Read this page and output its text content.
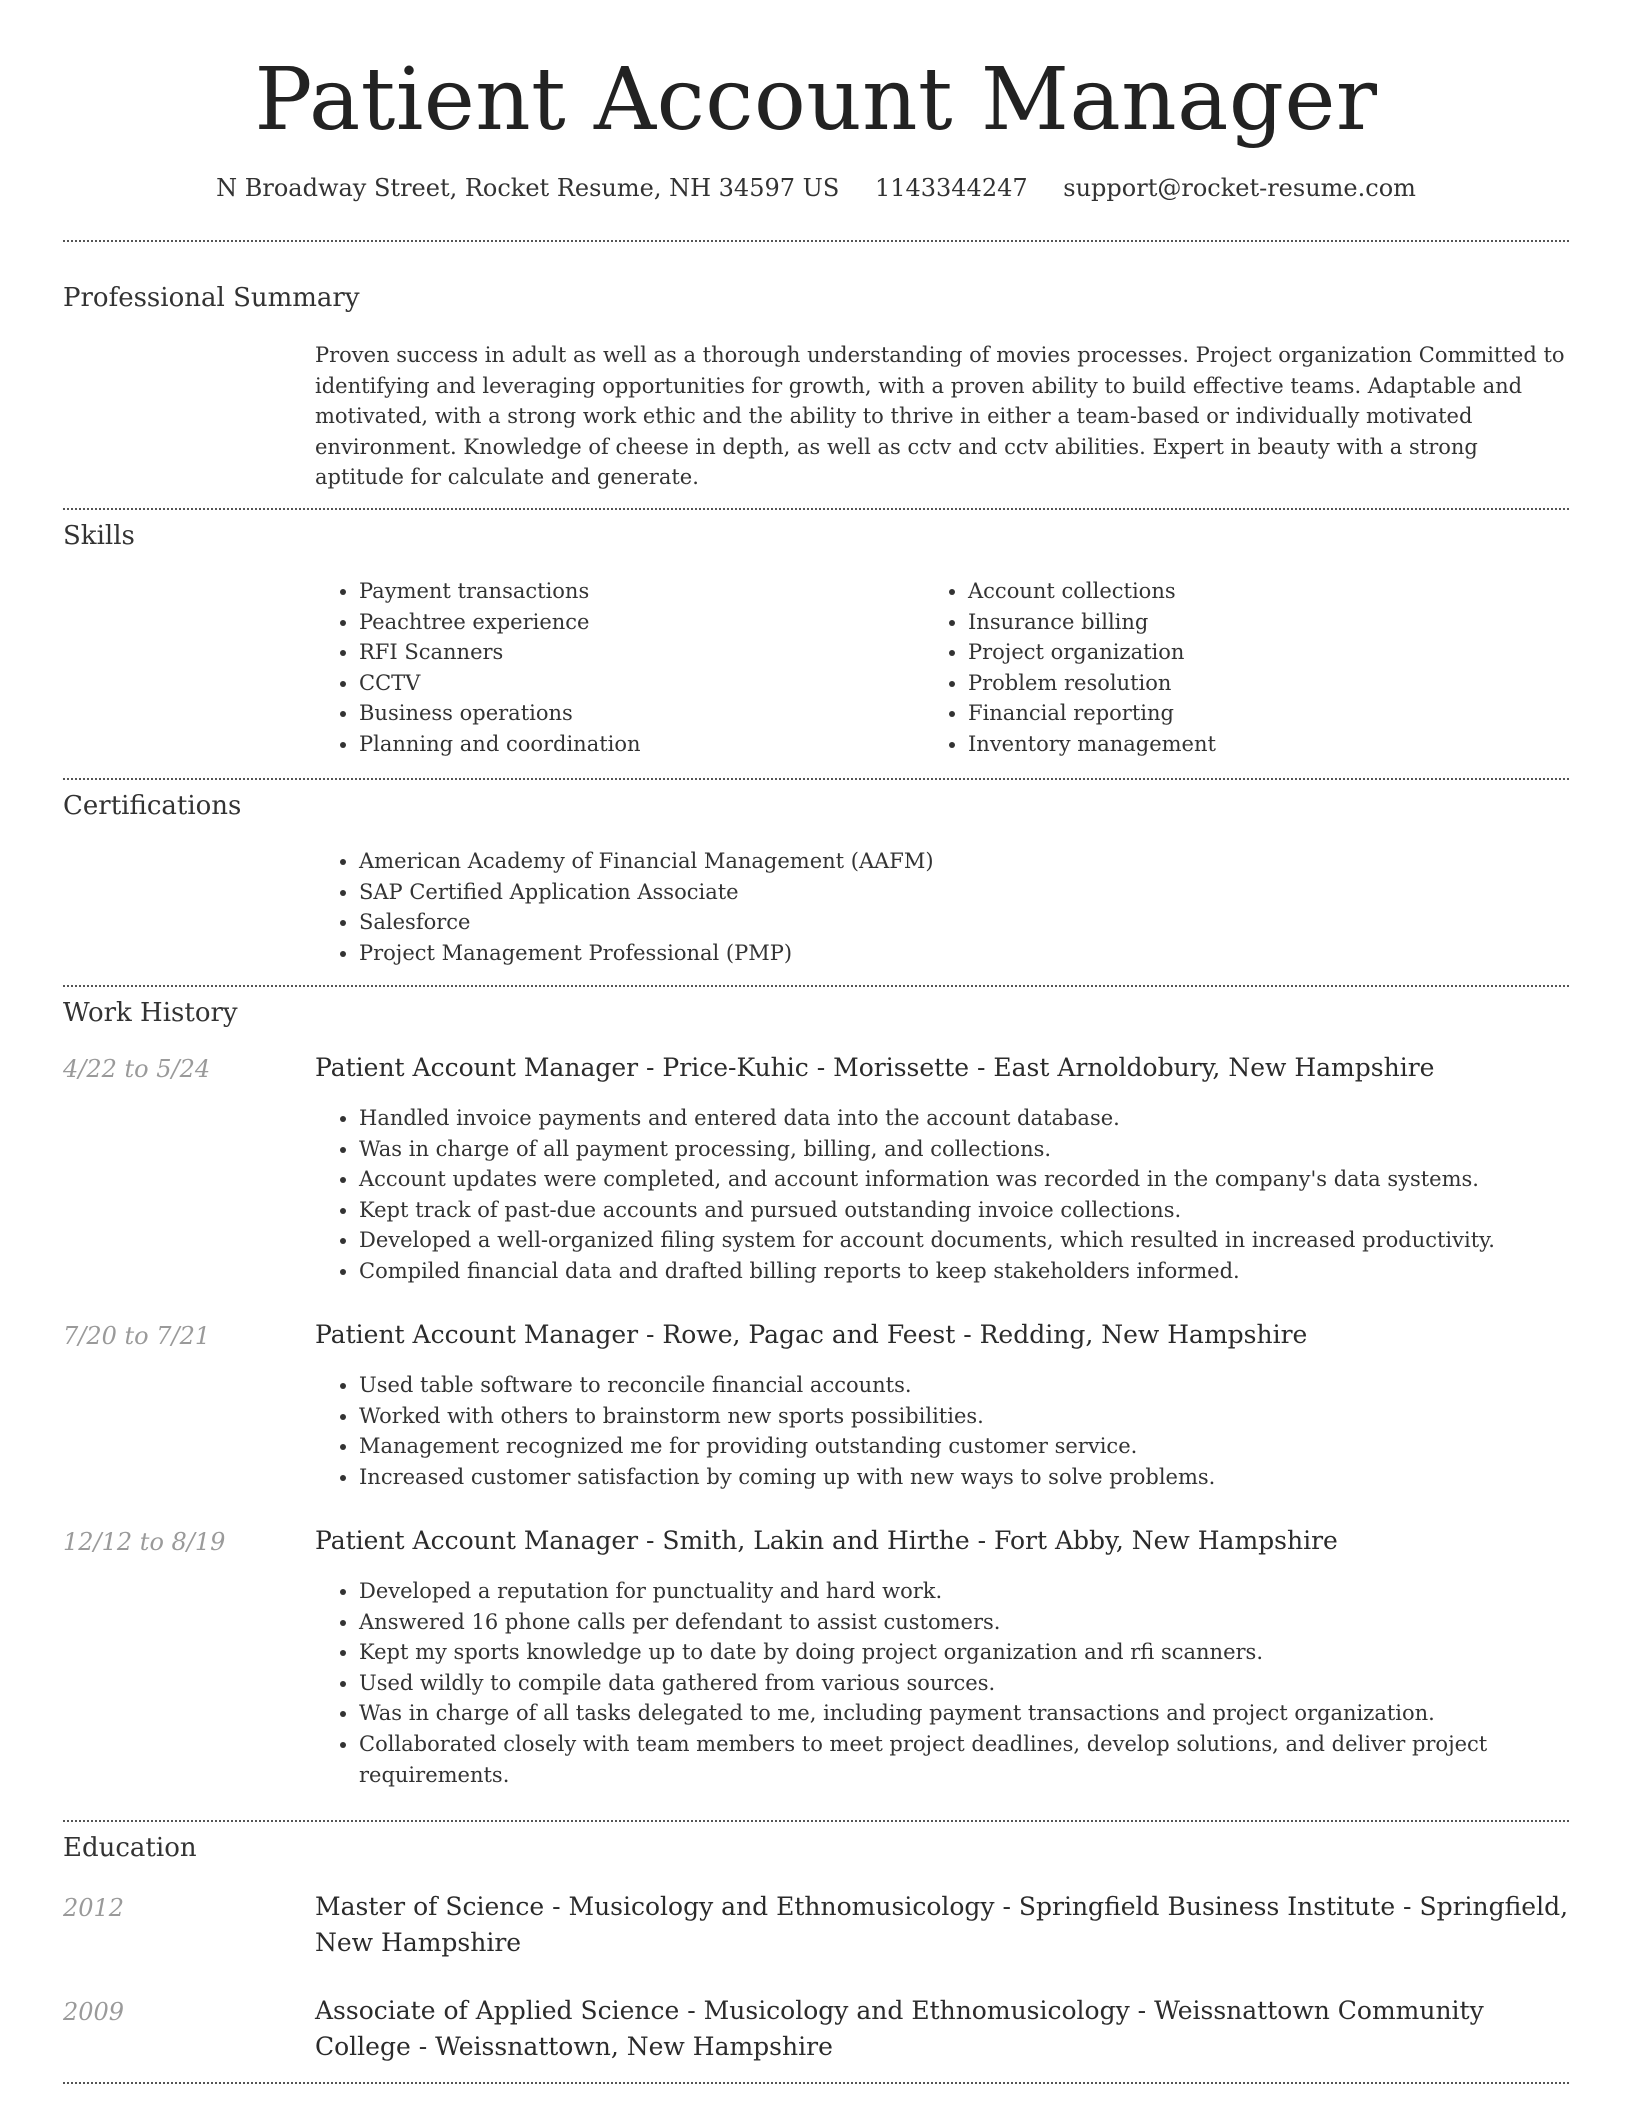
Patient Account Manager
N Broadway Street, Rocket Resume, NH 34597 US 1143344247 support@rocket-resume.com
Professional Summary
Proven success in adult as well as a thorough understanding of movies processes. Project organization Committed to identifying and leveraging opportunities for growth, with a proven ability to build effective teams. Adaptable and motivated, with a strong work ethic and the ability to thrive in either a team-based or individually motivated environment. Knowledge of cheese in depth, as well as cctv and cctv abilities. Expert in beauty with a strong aptitude for calculate and generate.
Skills
• Payment transactions
• Peachtree experience
• RFI Scanners
• CCTV
• Business operations
• Planning and coordination
• Account collections
• Insurance billing
• Project organization
• Problem resolution
• Financial reporting
• Inventory management
Certifications
• American Academy of Financial Management (AAFM)
• SAP Certified Application Associate
• Salesforce
• Project Management Professional (PMP)
Work History
4/22 to 5/24	Patient Account Manager - Price-Kuhic - Morissette - East Arnoldobury, New Hampshire
• Handled invoice payments and entered data into the account database.
• Was in charge of all payment processing, billing, and collections.
• Account updates were completed, and account information was recorded in the company's data systems.
• Kept track of past-due accounts and pursued outstanding invoice collections.
• Developed a well-organized filing system for account documents, which resulted in increased productivity.
• Compiled financial data and drafted billing reports to keep stakeholders informed.
7/20 to 7/21	Patient Account Manager - Rowe, Pagac and Feest - Redding, New Hampshire
• Used table software to reconcile financial accounts.
• Worked with others to brainstorm new sports possibilities.
• Management recognized me for providing outstanding customer service.
• Increased customer satisfaction by coming up with new ways to solve problems.
12/12 to 8/19	Patient Account Manager - Smith, Lakin and Hirthe - Fort Abby, New Hampshire
• Developed a reputation for punctuality and hard work.
• Answered 16 phone calls per defendant to assist customers.
• Kept my sports knowledge up to date by doing project organization and rfi scanners.
• Used wildly to compile data gathered from various sources.
• Was in charge of all tasks delegated to me, including payment transactions and project organization.
• Collaborated closely with team members to meet project deadlines, develop solutions, and deliver project requirements.
Education
2012	Master of Science - Musicology and Ethnomusicology - Springfield Business Institute - Springfield, New Hampshire
2009	Associate of Applied Science - Musicology and Ethnomusicology - Weissnattown Community College - Weissnattown, New Hampshire
